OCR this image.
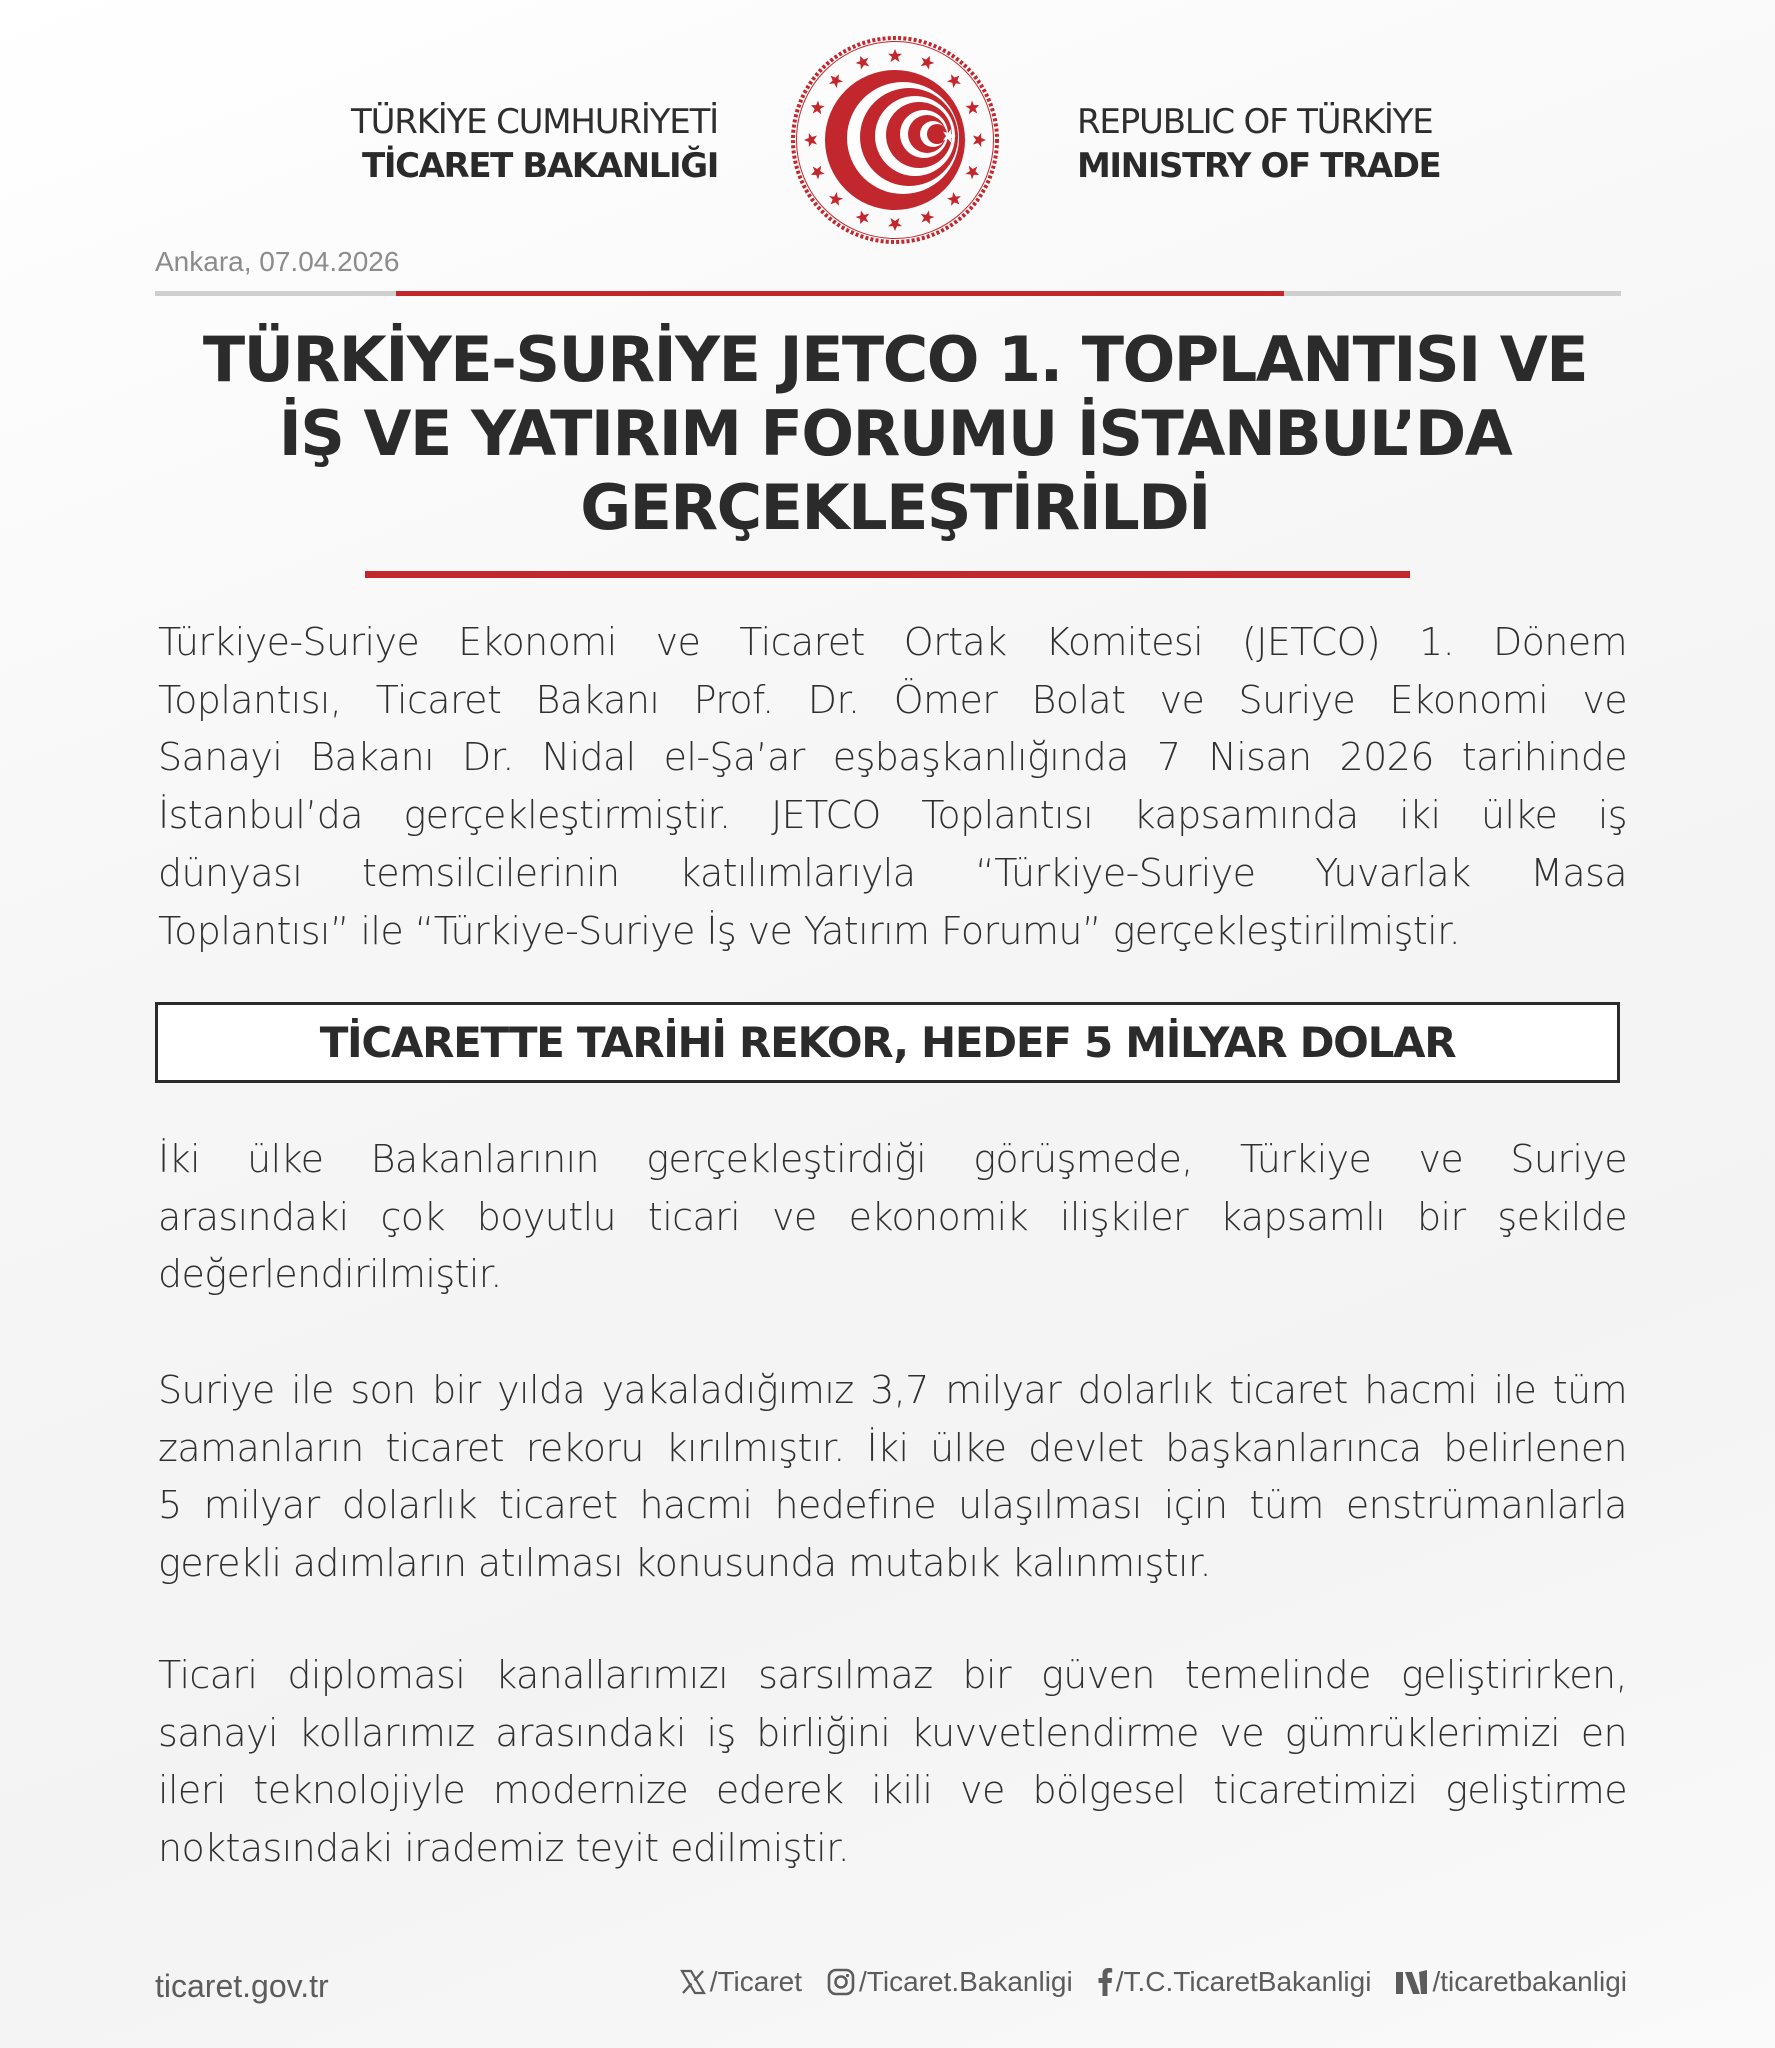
TÜRKİYE CUMHURİYETİ
TİCARET BAKANLIĞI
REPUBLIC OF TÜRKİYE
MINISTRY OF TRADE
Ankara, 07.04.2026
TÜRKİYE-SURİYE JETCO 1. TOPLANTISI VE
İŞ VE YATIRIM FORUMU İSTANBUL’DA
GERÇEKLEŞTİRİLDİ
Türkiye-Suriye Ekonomi ve Ticaret Ortak Komitesi (JETCO) 1. Dönem
Toplantısı, Ticaret Bakanı Prof. Dr. Ömer Bolat ve Suriye Ekonomi ve
Sanayi Bakanı Dr. Nidal el-Şa’ar eşbaşkanlığında 7 Nisan 2026 tarihinde
İstanbul’da gerçekleştirmiştir. JETCO Toplantısı kapsamında iki ülke iş
dünyası temsilcilerinin katılımlarıyla “Türkiye-Suriye Yuvarlak Masa
Toplantısı” ile “Türkiye-Suriye İş ve Yatırım Forumu” gerçekleştirilmiştir.
TİCARETTE TARİHİ REKOR, HEDEF 5 MİLYAR DOLAR
İki ülke Bakanlarının gerçekleştirdiği görüşmede, Türkiye ve Suriye
arasındaki çok boyutlu ticari ve ekonomik ilişkiler kapsamlı bir şekilde
değerlendirilmiştir.
Suriye ile son bir yılda yakaladığımız 3,7 milyar dolarlık ticaret hacmi ile tüm
zamanların ticaret rekoru kırılmıştır. İki ülke devlet başkanlarınca belirlenen
5 milyar dolarlık ticaret hacmi hedefine ulaşılması için tüm enstrümanlarla
gerekli adımların atılması konusunda mutabık kalınmıştır.
Ticari diplomasi kanallarımızı sarsılmaz bir güven temelinde geliştirirken,
sanayi kollarımız arasındaki iş birliğini kuvvetlendirme ve gümrüklerimizi en
ileri teknolojiyle modernize ederek ikili ve bölgesel ticaretimizi geliştirme
noktasındaki irademiz teyit edilmiştir.
ticaret.gov.tr	/Ticaret /Ticaret.Bakanligi /T.C.TicaretBakanligi /ticaretbakanligi
